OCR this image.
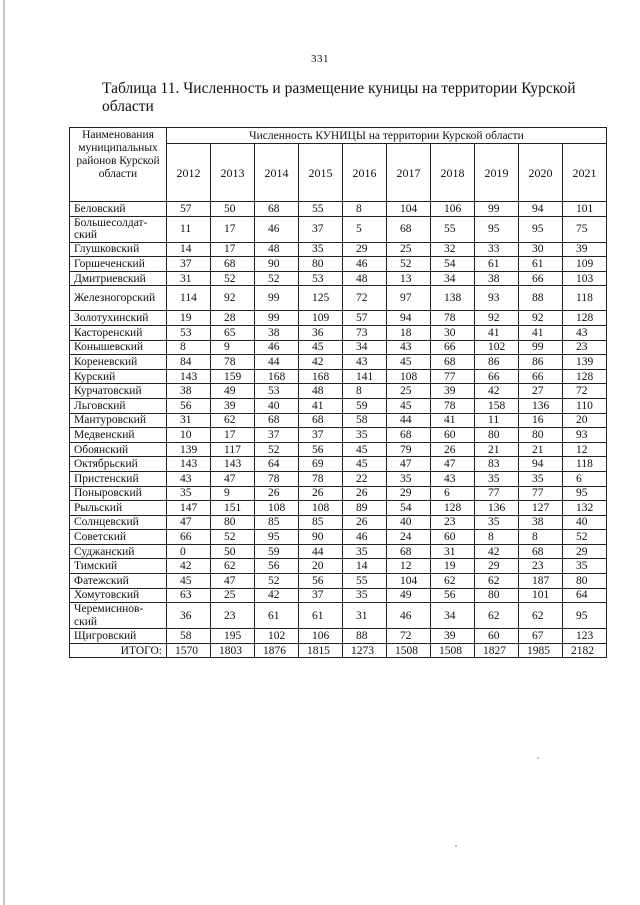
331
Таблица 11. Численность и размещение куницы на территории Курской области
Наименования муниципальных районов Курской области	Численность КУНИЦЫ на территории Курской области									
	2012	2013	2014	2015	2016	2017	2018	2019	2020	2021
Беловский	57	50	68	55	8	104	106	99	94	101
Большесолдат-ский	11	17	46	37	5	68	55	95	95	75
Глушковский	14	17	48	35	29	25	32	33	30	39
Горшеченский	37	68	90	80	46	52	54	61	61	109
Дмитриевский	31	52	52	53	48	13	34	38	66	103
Железногорский	114	92	99	125	72	97	138	93	88	118
Золотухинский	19	28	99	109	57	94	78	92	92	128
Касторенский	53	65	38	36	73	18	30	41	41	43
Конышевский	8	9	46	45	34	43	66	102	99	23
Кореневский	84	78	44	42	43	45	68	86	86	139
Курский	143	159	168	168	141	108	77	66	66	128
Курчатовский	38	49	53	48	8	25	39	42	27	72
Льговский	56	39	40	41	59	45	78	158	136	110
Мантуровский	31	62	68	68	58	44	41	11	16	20
Медвенский	10	17	37	37	35	68	60	80	80	93
Обоянский	139	117	52	56	45	79	26	21	21	12
Октябрьский	143	143	64	69	45	47	47	83	94	118
Пристенский	43	47	78	78	22	35	43	35	35	6
Поныровский	35	9	26	26	26	29	6	77	77	95
Рыльский	147	151	108	108	89	54	128	136	127	132
Солнцевский	47	80	85	85	26	40	23	35	38	40
Советский	66	52	95	90	46	24	60	8	8	52
Суджанский	0	50	59	44	35	68	31	42	68	29
Тимский	42	62	56	20	14	12	19	29	23	35
Фатежский	45	47	52	56	55	104	62	62	187	80
Хомутовский	63	25	42	37	35	49	56	80	101	64
Черемисинов-ский	36	23	61	61	31	46	34	62	62	95
Щигровский	58	195	102	106	88	72	39	60	67	123
ИТОГО:	1570	1803	1876	1815	1273	1508	1508	1827	1985	2182
